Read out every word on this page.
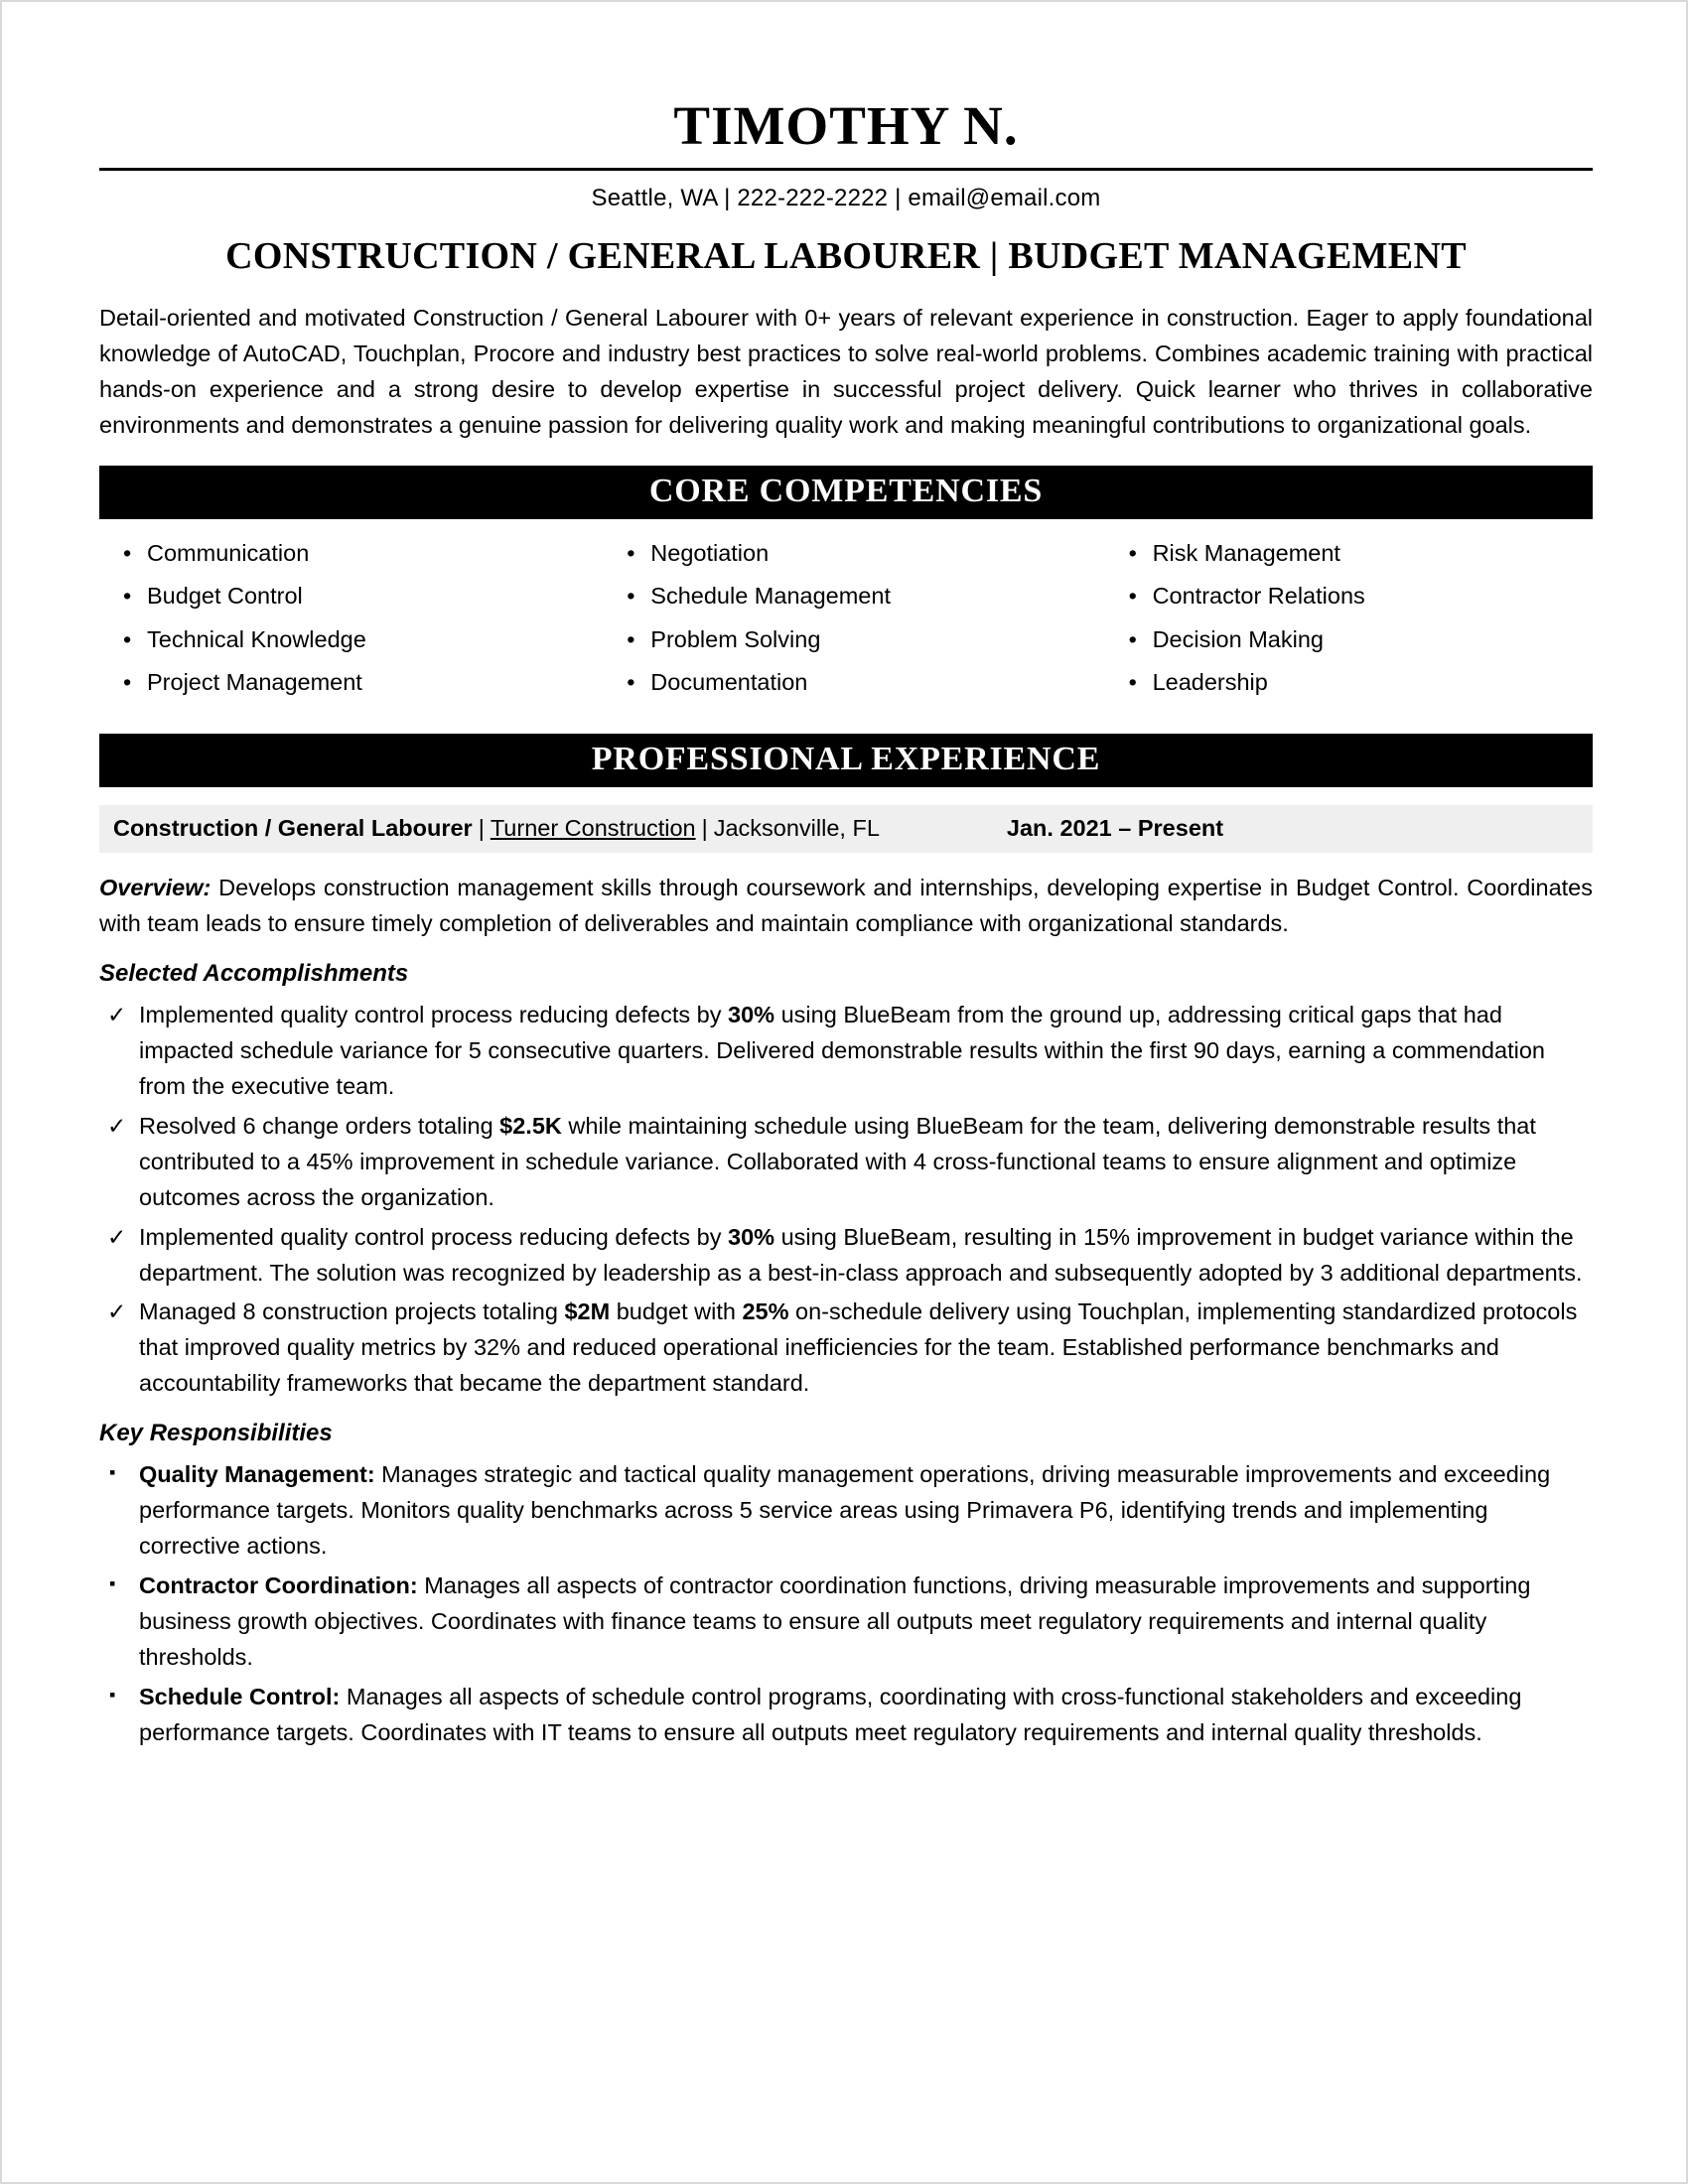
TIMOTHY N.
Seattle, WA | 222-222-2222 | email@email.com
CONSTRUCTION / GENERAL LABOURER | BUDGET MANAGEMENT
Detail-oriented and motivated Construction / General Labourer with 0+ years of relevant experience in construction. Eager to apply foundational knowledge of AutoCAD, Touchplan, Procore and industry best practices to solve real-world problems. Combines academic training with practical hands-on experience and a strong desire to develop expertise in successful project delivery. Quick learner who thrives in collaborative environments and demonstrates a genuine passion for delivering quality work and making meaningful contributions to organizational goals.
CORE COMPETENCIES
• Communication
• Budget Control
• Technical Knowledge
• Project Management
• Negotiation
• Schedule Management
• Problem Solving
• Documentation
• Risk Management
• Contractor Relations
• Decision Making
• Leadership
PROFESSIONAL EXPERIENCE
Construction / General Labourer | Turner Construction | Jacksonville, FL	Jan. 2021 – Present
Overview: Develops construction management skills through coursework and internships, developing expertise in Budget Control. Coordinates with team leads to ensure timely completion of deliverables and maintain compliance with organizational standards.
Selected Accomplishments
✓ Implemented quality control process reducing defects by 30% using BlueBeam from the ground up, addressing critical gaps that had impacted schedule variance for 5 consecutive quarters. Delivered demonstrable results within the first 90 days, earning a commendation from the executive team.
✓ Resolved 6 change orders totaling $2.5K while maintaining schedule using BlueBeam for the team, delivering demonstrable results that contributed to a 45% improvement in schedule variance. Collaborated with 4 cross-functional teams to ensure alignment and optimize outcomes across the organization.
✓ Implemented quality control process reducing defects by 30% using BlueBeam, resulting in 15% improvement in budget variance within the department. The solution was recognized by leadership as a best-in-class approach and subsequently adopted by 3 additional departments.
✓ Managed 8 construction projects totaling $2M budget with 25% on-schedule delivery using Touchplan, implementing standardized protocols that improved quality metrics by 32% and reduced operational inefficiencies for the team. Established performance benchmarks and accountability frameworks that became the department standard.
Key Responsibilities
▪ Quality Management: Manages strategic and tactical quality management operations, driving measurable improvements and exceeding performance targets. Monitors quality benchmarks across 5 service areas using Primavera P6, identifying trends and implementing corrective actions.
▪ Contractor Coordination: Manages all aspects of contractor coordination functions, driving measurable improvements and supporting business growth objectives. Coordinates with finance teams to ensure all outputs meet regulatory requirements and internal quality thresholds.
▪ Schedule Control: Manages all aspects of schedule control programs, coordinating with cross-functional stakeholders and exceeding performance targets. Coordinates with IT teams to ensure all outputs meet regulatory requirements and internal quality thresholds.
